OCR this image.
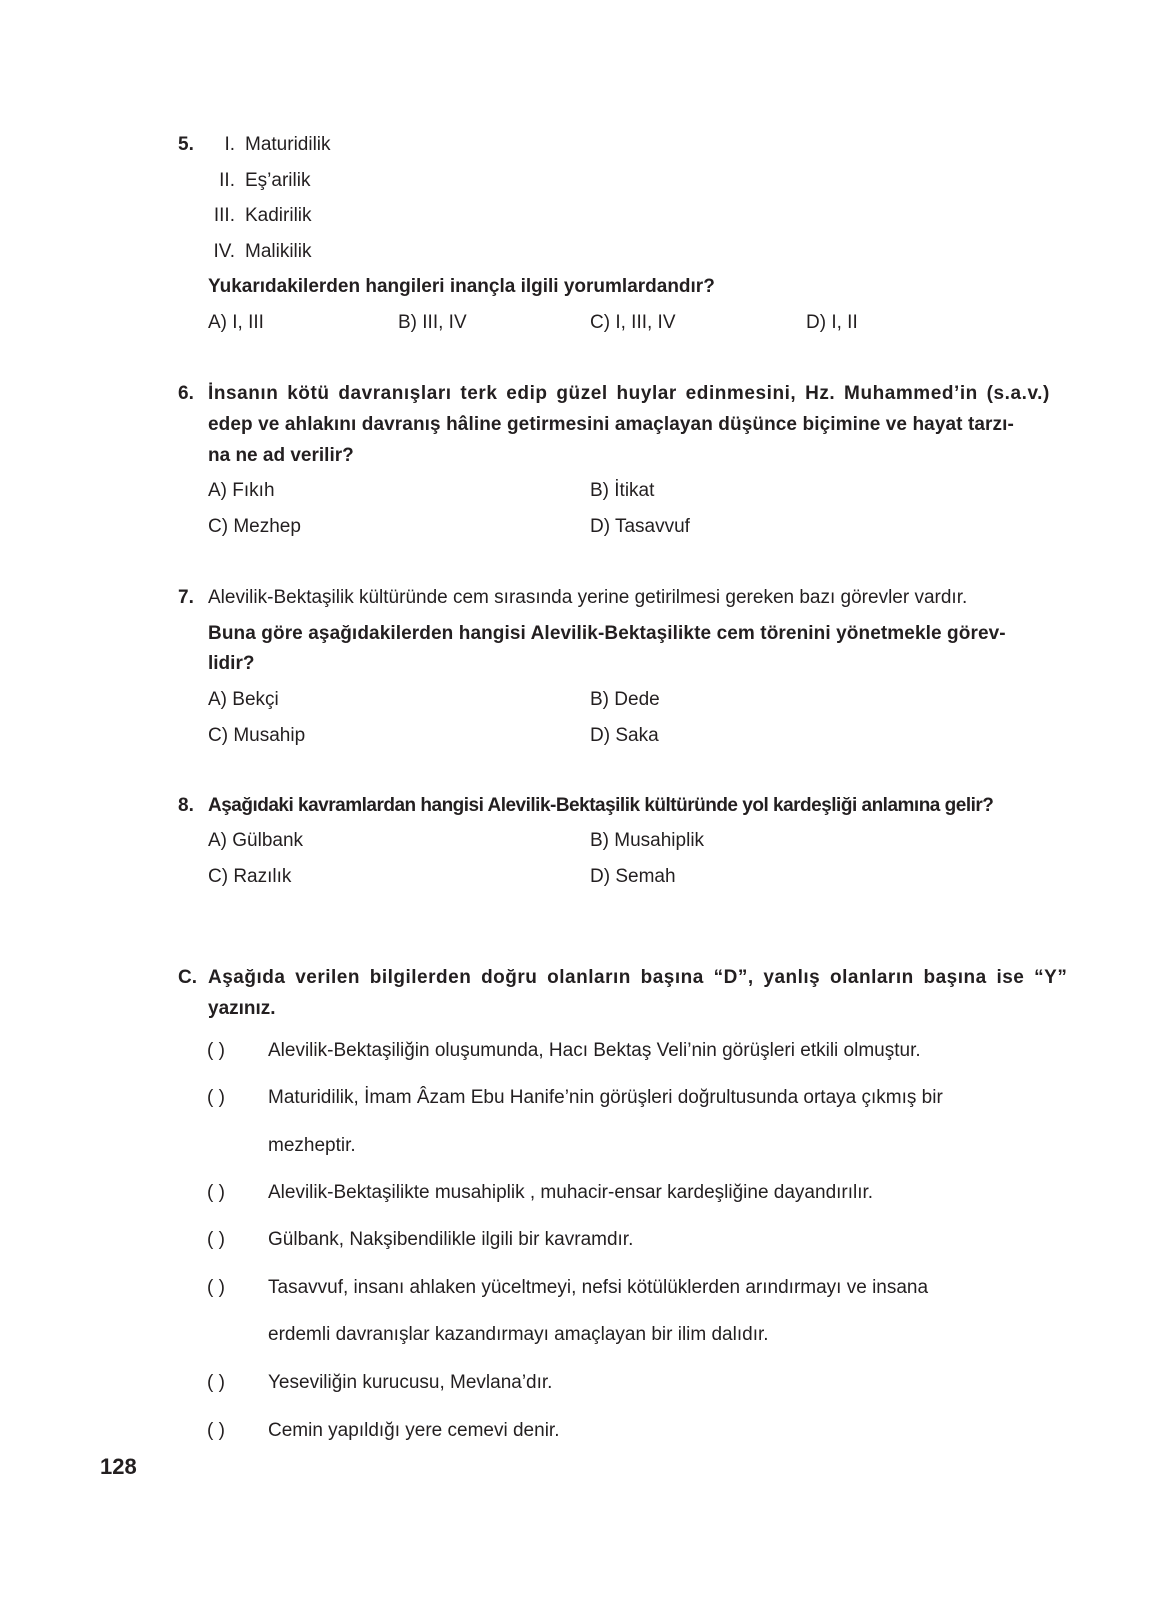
5.	I. Maturidilik
II. Eş’arilik
III. Kadirilik
IV. Malikilik
Yukarıdakilerden hangileri inançla ilgili yorumlardandır?
A) I, III	B) III, IV	C) I, III, IV	D) I, II
6. İnsanın kötü davranışları terk edip güzel huylar edinmesini, Hz. Muhammed’in (s.a.v.)
edep ve ahlakını davranış hâline getirmesini amaçlayan düşünce biçimine ve hayat tarzı-
na ne ad verilir?
A) Fıkıh	B) İtikat
C) Mezhep	D) Tasavvuf
7. Alevilik-Bektaşilik kültüründe cem sırasında yerine getirilmesi gereken bazı görevler vardır.
Buna göre aşağıdakilerden hangisi Alevilik-Bektaşilikte cem törenini yönetmekle görev-
lidir?
A) Bekçi	B) Dede
C) Musahip	D) Saka
8. Aşağıdaki kavramlardan hangisi Alevilik-Bektaşilik kültüründe yol kardeşliği anlamına gelir?
A) Gülbank	B) Musahiplik
C) Razılık	D) Semah
C. Aşağıda verilen bilgilerden doğru olanların başına “D”, yanlış olanların başına ise “Y”
yazınız.
( ) Alevilik-Bektaşiliğin oluşumunda, Hacı Bektaş Veli’nin görüşleri etkili olmuştur.
( ) Maturidilik, İmam Âzam Ebu Hanife’nin görüşleri doğrultusunda ortaya çıkmış bir
mezheptir.
( ) Alevilik-Bektaşilikte musahiplik , muhacir-ensar kardeşliğine dayandırılır.
( ) Gülbank, Nakşibendilikle ilgili bir kavramdır.
( ) Tasavvuf, insanı ahlaken yüceltmeyi, nefsi kötülüklerden arındırmayı ve insana
erdemli davranışlar kazandırmayı amaçlayan bir ilim dalıdır.
( ) Yeseviliğin kurucusu, Mevlana’dır.
( ) Cemin yapıldığı yere cemevi denir.
128
